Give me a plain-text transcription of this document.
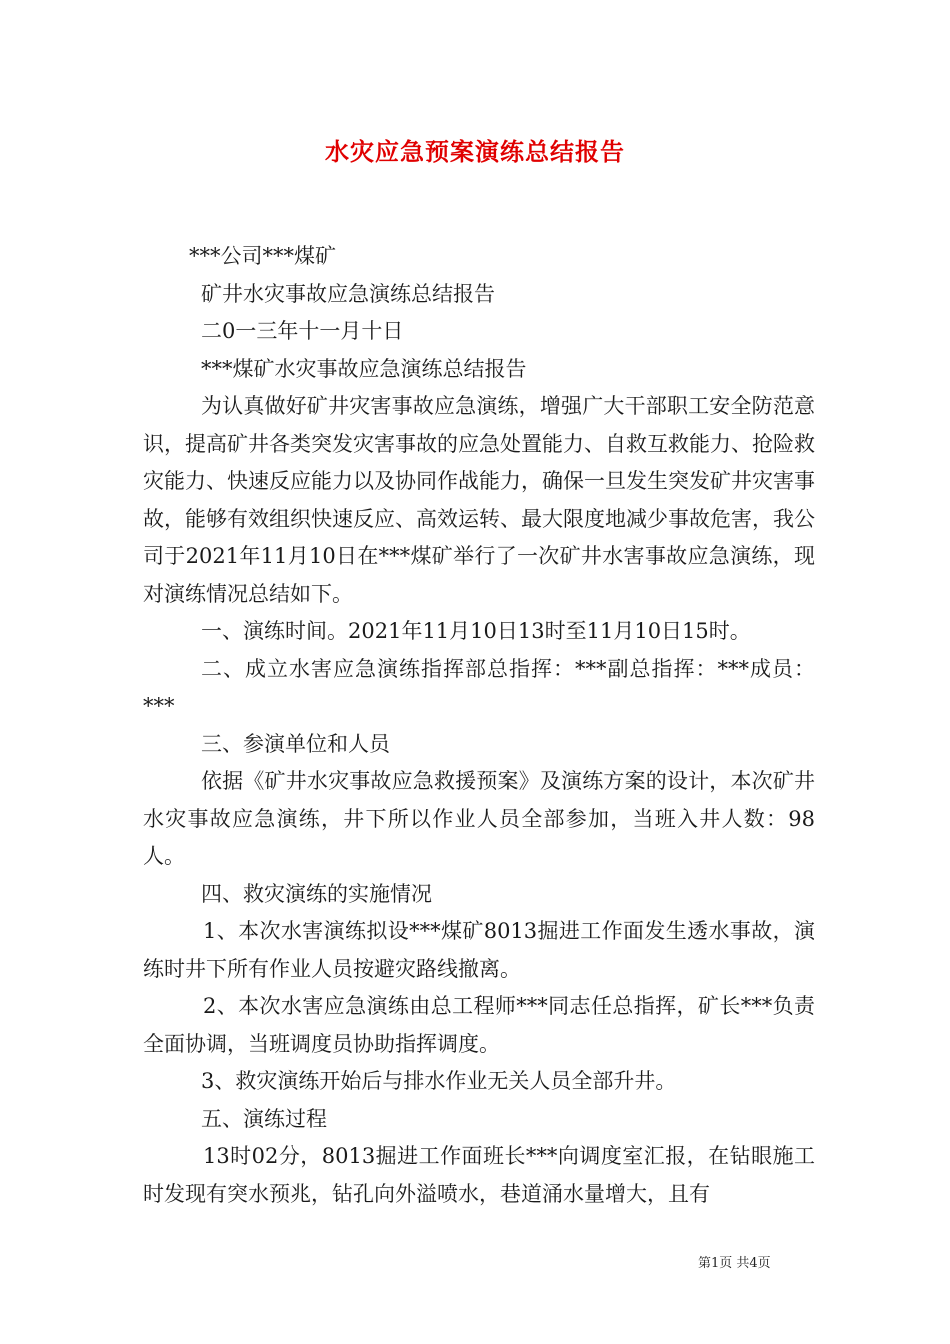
水灾应急预案演练总结报告

***公司***煤矿

矿井水灾事故应急演练总结报告

二0一三年十一月十日

***煤矿水灾事故应急演练总结报告

为认真做好矿井灾害事故应急演练，增强广大干部职工安全防范意识，提高矿井各类突发灾害事故的应急处置能力、自救互救能力、抢险救灾能力、快速反应能力以及协同作战能力，确保一旦发生突发矿井灾害事故，能够有效组织快速反应、高效运转、最大限度地减少事故危害，我公司于2021年11月10日在***煤矿举行了一次矿井水害事故应急演练，现对演练情况总结如下。

一、演练时间。2021年11月10日13时至11月10日15时。

二、成立水害应急演练指挥部总指挥：***副总指挥：***成员：***

三、参演单位和人员

依据《矿井水灾事故应急救援预案》及演练方案的设计，本次矿井水灾事故应急演练，井下所以作业人员全部参加，当班入井人数：98人。

四、救灾演练的实施情况

1、本次水害演练拟设***煤矿8013掘进工作面发生透水事故，演练时井下所有作业人员按避灾路线撤离。

2、本次水害应急演练由总工程师***同志任总指挥，矿长***负责全面协调，当班调度员协助指挥调度。

3、救灾演练开始后与排水作业无关人员全部升井。

五、演练过程

13时02分，8013掘进工作面班长***向调度室汇报，在钻眼施工时发现有突水预兆，钻孔向外溢喷水，巷道涌水量增大，且有

第1页 共4页
